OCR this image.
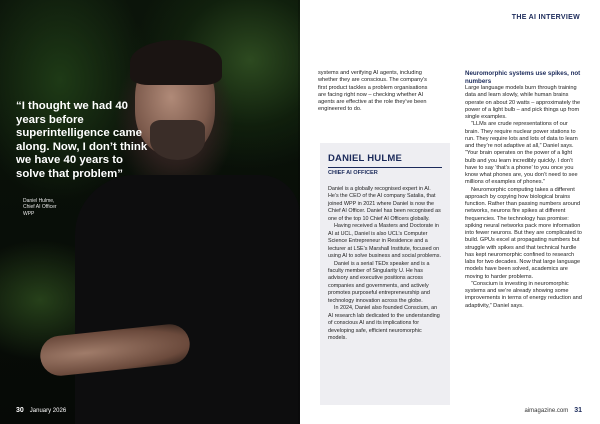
“I thought we had 40 years before superintelligence came along. Now, I don’t think we have 40 years to solve that problem”
Daniel Hulme,
Chief AI Officer
WPP
30 January 2026
THE AI INTERVIEW

systems and verifying AI agents, including whether they are conscious. The company’s first product tackles a problem organisations are facing right now – checking whether AI agents are effective at the role they’ve been engineered to do.

DANIEL HULME
CHIEF AI OFFICER

Daniel is a globally recognised expert in AI. He’s the CEO of the AI company Satalia, that joined WPP in 2021 where Daniel is now the Chief AI Officer. Daniel has been recognised as one of the top 10 Chief AI Officers globally.

Having received a Masters and Doctorate in AI at UCL, Daniel is also UCL’s Computer Science Entrepreneur in Residence and a lecturer at LSE’s Marshall Institute, focused on using AI to solve business and social problems.

Daniel is a serial TEDx speaker and is a faculty member of Singularity U. He has advisory and executive positions across companies and governments, and actively promotes purposeful entrepreneurship and technology innovation across the globe.

In 2024, Daniel also founded Conscium, an AI research lab dedicated to the understanding of conscious AI and its implications for developing safe, efficient neuromorphic models.

Neuromorphic systems use spikes, not numbers

Large language models burn through training data and learn slowly, while human brains operate on about 20 watts – approximately the power of a light bulb – and pick things up from single examples.

“LLMs are crude representations of our brain. They require nuclear power stations to run. They require lots and lots of data to learn and they’re not adaptive at all,” Daniel says. “Your brain operates on the power of a light bulb and you learn incredibly quickly. I don’t have to say ‘that’s a phone’ to you once you know what phones are, you don’t need to see millions of examples of phones.”

Neuromorphic computing takes a different approach by copying how biological brains function. Rather than passing numbers around networks, neurons fire spikes at different frequencies. The technology has promise: spiking neural networks pack more information into fewer neurons. But they are complicated to build. GPUs excel at propagating numbers but struggle with spikes and that technical hurdle has kept neuromorphic confined to research labs for two decades. Now that large language models have been solved, academics are moving to harder problems.

“Conscium is investing in neuromorphic systems and we’re already showing some improvements in terms of energy reduction and adaptivity,” Daniel says.

aimagazine.com 31
